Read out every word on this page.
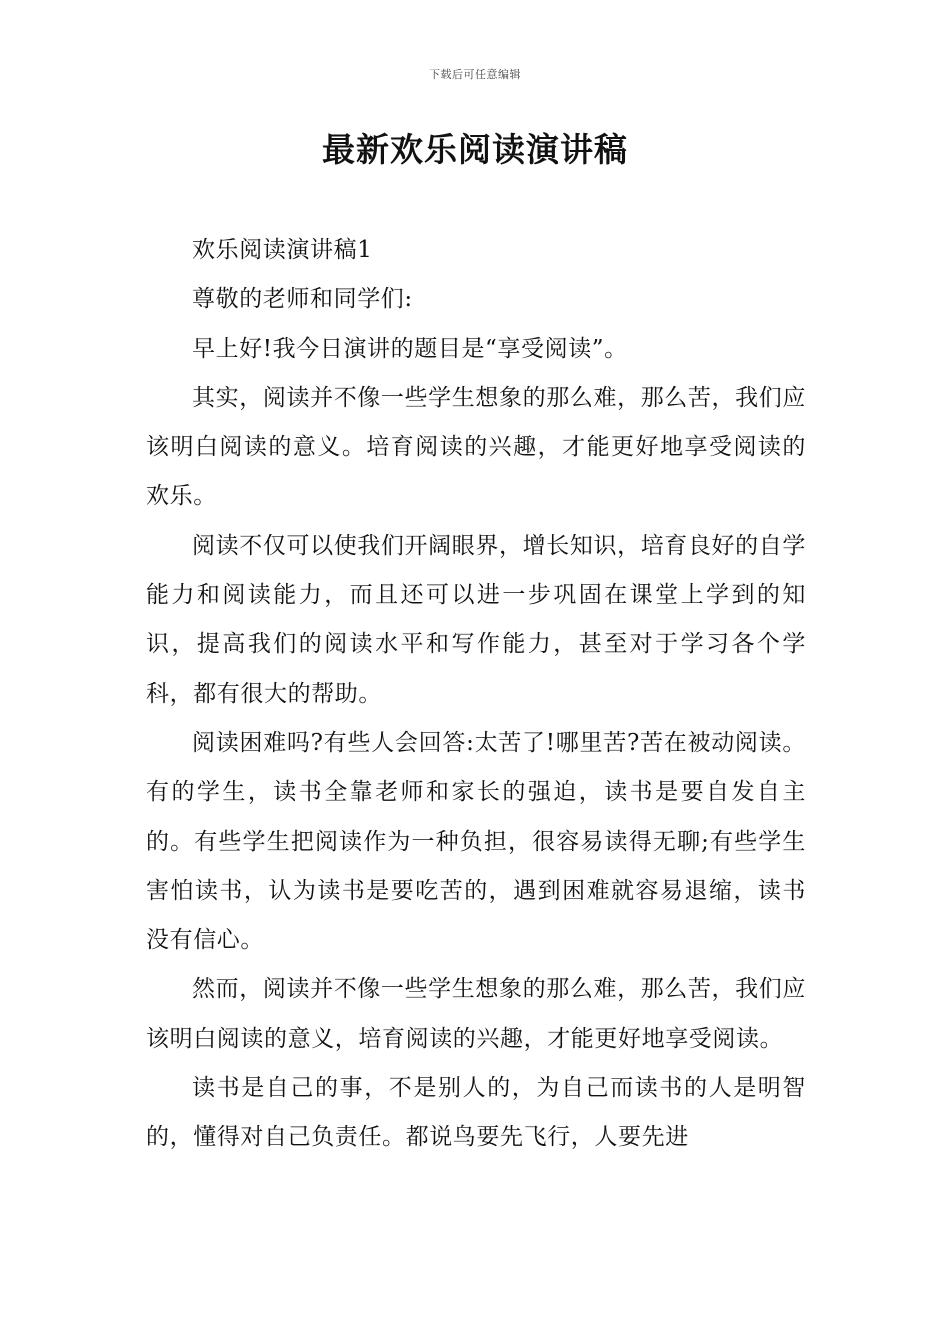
下载后可任意编辑
最新欢乐阅读演讲稿

欢乐阅读演讲稿1

尊敬的老师和同学们:

早上好!我今日演讲的题目是“享受阅读”。

其实，阅读并不像一些学生想象的那么难，那么苦，我们应该明白阅读的意义。培育阅读的兴趣，才能更好地享受阅读的欢乐。

阅读不仅可以使我们开阔眼界，增长知识，培育良好的自学能力和阅读能力，而且还可以进一步巩固在课堂上学到的知识，提高我们的阅读水平和写作能力，甚至对于学习各个学科，都有很大的帮助。

阅读困难吗?有些人会回答:太苦了!哪里苦?苦在被动阅读。有的学生，读书全靠老师和家长的强迫，读书是要自发自主的。有些学生把阅读作为一种负担，很容易读得无聊;有些学生害怕读书，认为读书是要吃苦的，遇到困难就容易退缩，读书没有信心。

然而，阅读并不像一些学生想象的那么难，那么苦，我们应该明白阅读的意义，培育阅读的兴趣，才能更好地享受阅读。

读书是自己的事，不是别人的，为自己而读书的人是明智的，懂得对自己负责任。都说鸟要先飞行，人要先进
